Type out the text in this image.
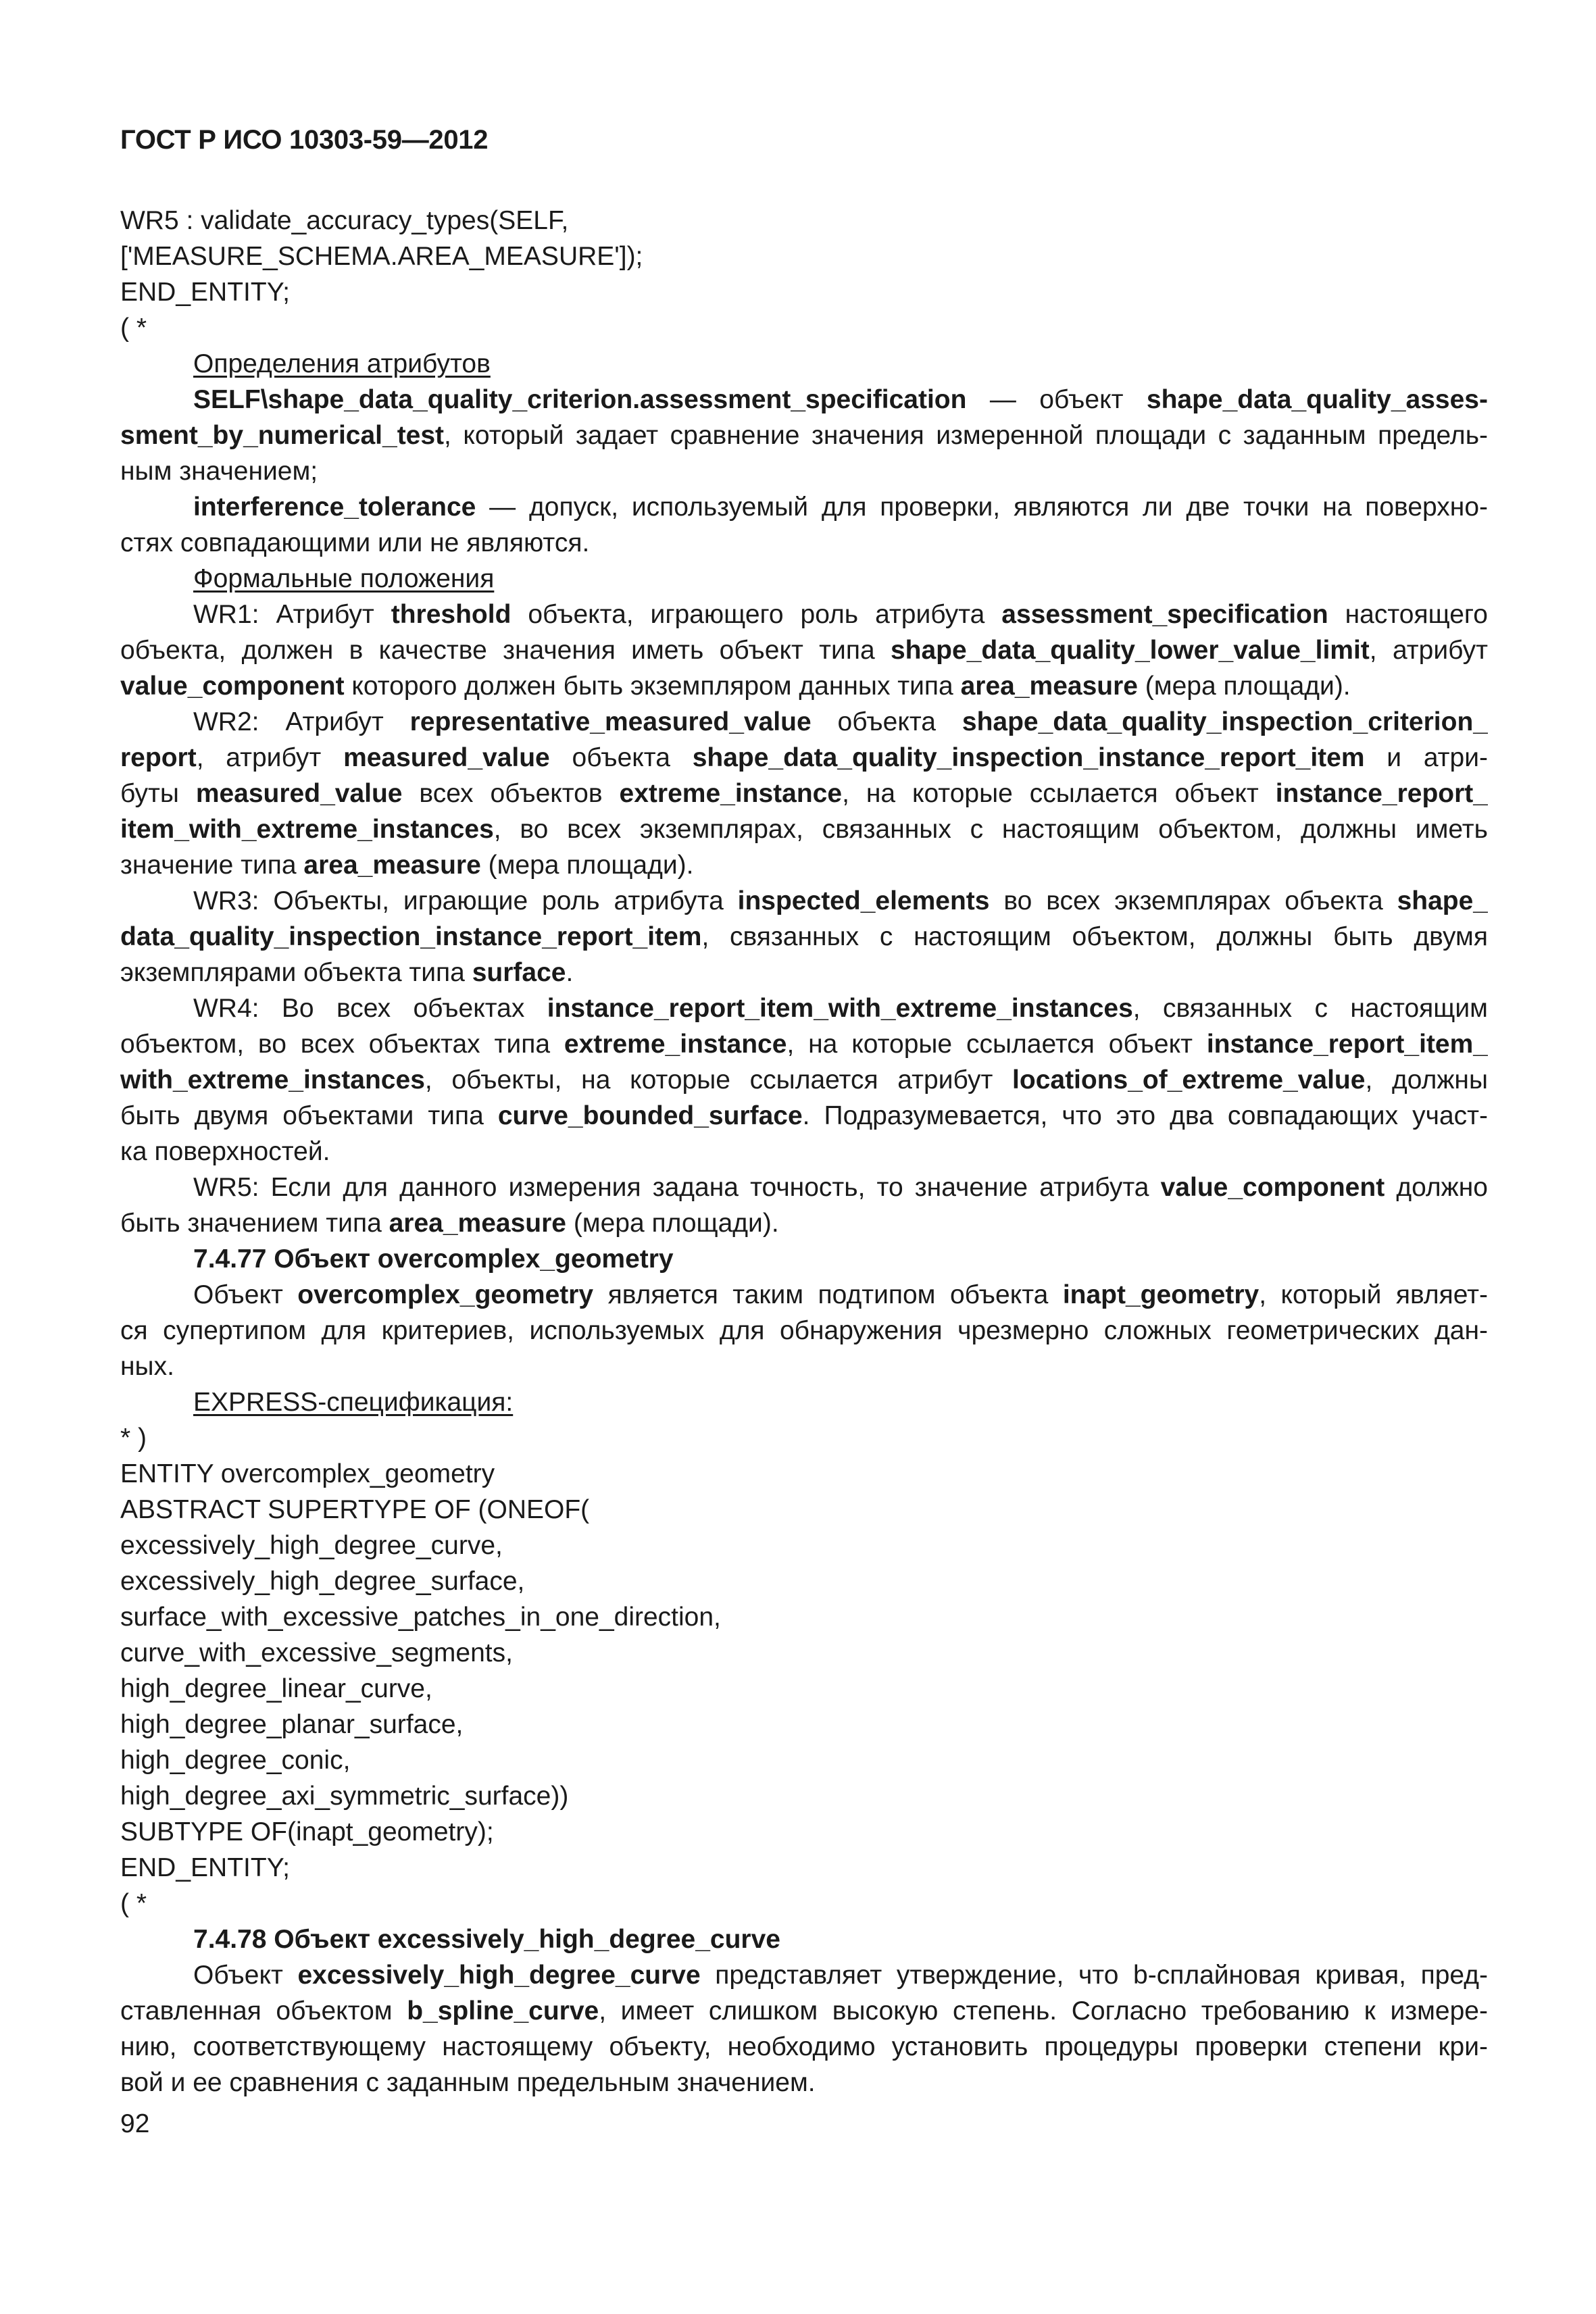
ГОСТ Р ИСО 10303-59—2012
WR5 : validate_accuracy_types(SELF,
['MEASURE_SCHEMA.AREA_MEASURE']);
END_ENTITY;
( *
Определения атрибутов
SELF\shape_data_quality_criterion.assessment_specification — объект shape_data_quality_asses-
sment_by_numerical_test, который задает сравнение значения измеренной площади с заданным предель-
ным значением;
interference_tolerance — допуск, используемый для проверки, являются ли две точки на поверхно-
стях совпадающими или не являются.
Формальные положения
WR1: Атрибут threshold объекта, играющего роль атрибута assessment_specification настоящего
объекта, должен в качестве значения иметь объект типа shape_data_quality_lower_value_limit, атрибут
value_component которого должен быть экземпляром данных типа area_measure (мера площади).
WR2: Атрибут representative_measured_value объекта shape_data_quality_inspection_criterion_
report, атрибут measured_value объекта shape_data_quality_inspection_instance_report_item и атри-
буты measured_value всех объектов extreme_instance, на которые ссылается объект instance_report_
item_with_extreme_instances, во всех экземплярах, связанных с настоящим объектом, должны иметь
значение типа area_measure (мера площади).
WR3: Объекты, играющие роль атрибута inspected_elements во всех экземплярах объекта shape_
data_quality_inspection_instance_report_item, связанных с настоящим объектом, должны быть двумя
экземплярами объекта типа surface.
WR4: Во всех объектах instance_report_item_with_extreme_instances, связанных с настоящим
объектом, во всех объектах типа extreme_instance, на которые ссылается объект instance_report_item_
with_extreme_instances, объекты, на которые ссылается атрибут locations_of_extreme_value, должны
быть двумя объектами типа curve_bounded_surface. Подразумевается, что это два совпадающих участ-
ка поверхностей.
WR5: Если для данного измерения задана точность, то значение атрибута value_component должно
быть значением типа area_measure (мера площади).
7.4.77 Объект overcomplex_geometry
Объект overcomplex_geometry является таким подтипом объекта inapt_geometry, который являет-
ся супертипом для критериев, используемых для обнаружения чрезмерно сложных геометрических дан-
ных.
EXPRESS-спецификация:
* )
ENTITY overcomplex_geometry
ABSTRACT SUPERTYPE OF (ONEOF(
excessively_high_degree_curve,
excessively_high_degree_surface,
surface_with_excessive_patches_in_one_direction,
curve_with_excessive_segments,
high_degree_linear_curve,
high_degree_planar_surface,
high_degree_conic,
high_degree_axi_symmetric_surface))
SUBTYPE OF(inapt_geometry);
END_ENTITY;
( *
7.4.78 Объект excessively_high_degree_curve
Объект excessively_high_degree_curve представляет утверждение, что b-сплайновая кривая, пред-
ставленная объектом b_spline_curve, имеет слишком высокую степень. Согласно требованию к измере-
нию, соответствующему настоящему объекту, необходимо установить процедуры проверки степени кри-
вой и ее сравнения с заданным предельным значением.
92
